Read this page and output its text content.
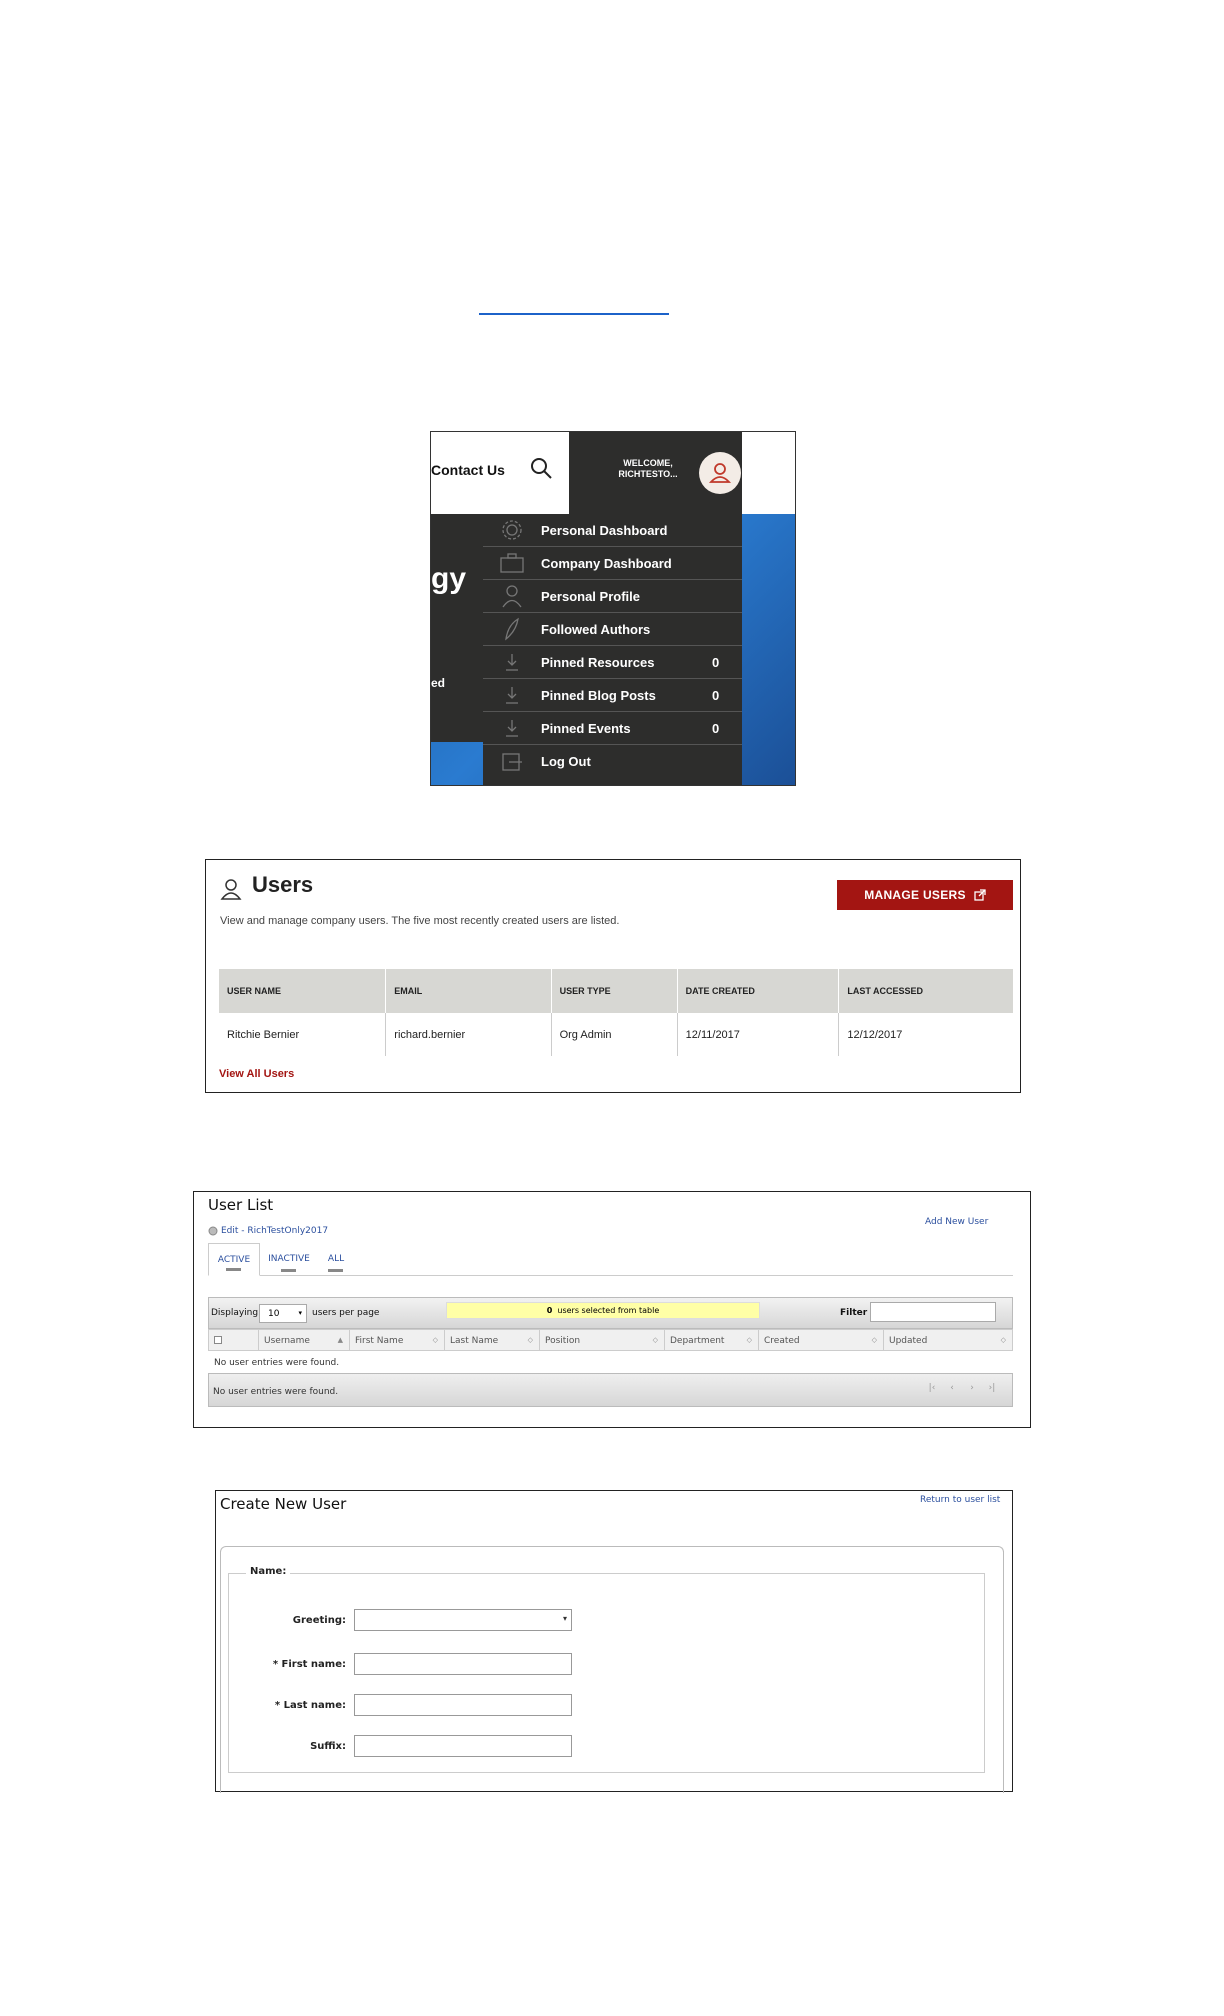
Contact Us	WELCOME,
RICHTESTO...
gy
ed
Personal Dashboard
Company Dashboard
Personal Profile
Followed Authors
Pinned Resources	0
Pinned Blog Posts	0
Pinned Events	0
Log Out
Users
View and manage company users. The five most recently created users are listed.
MANAGE USERS
USER NAME	EMAIL	USER TYPE	DATE CREATED	LAST ACCESSED
Ritchie Bernier	richard.bernier	Org Admin	12/11/2017	12/12/2017
View All Users
User List
Edit - RichTestOnly2017
Add New User
ACTIVE	INACTIVE	ALL
Displaying	10	▾ users per page	0 users selected from table	Filter
Username	▲	First Name	◇	Last Name	◇	Position	◇	Department	◇	Created	◇	Updated	◇
No user entries were found.
No user entries were found.	|‹	‹	›	›|
Create New User	Return to user list
Name:
Greeting:	▾
* First name:
* Last name:
Suffix:
